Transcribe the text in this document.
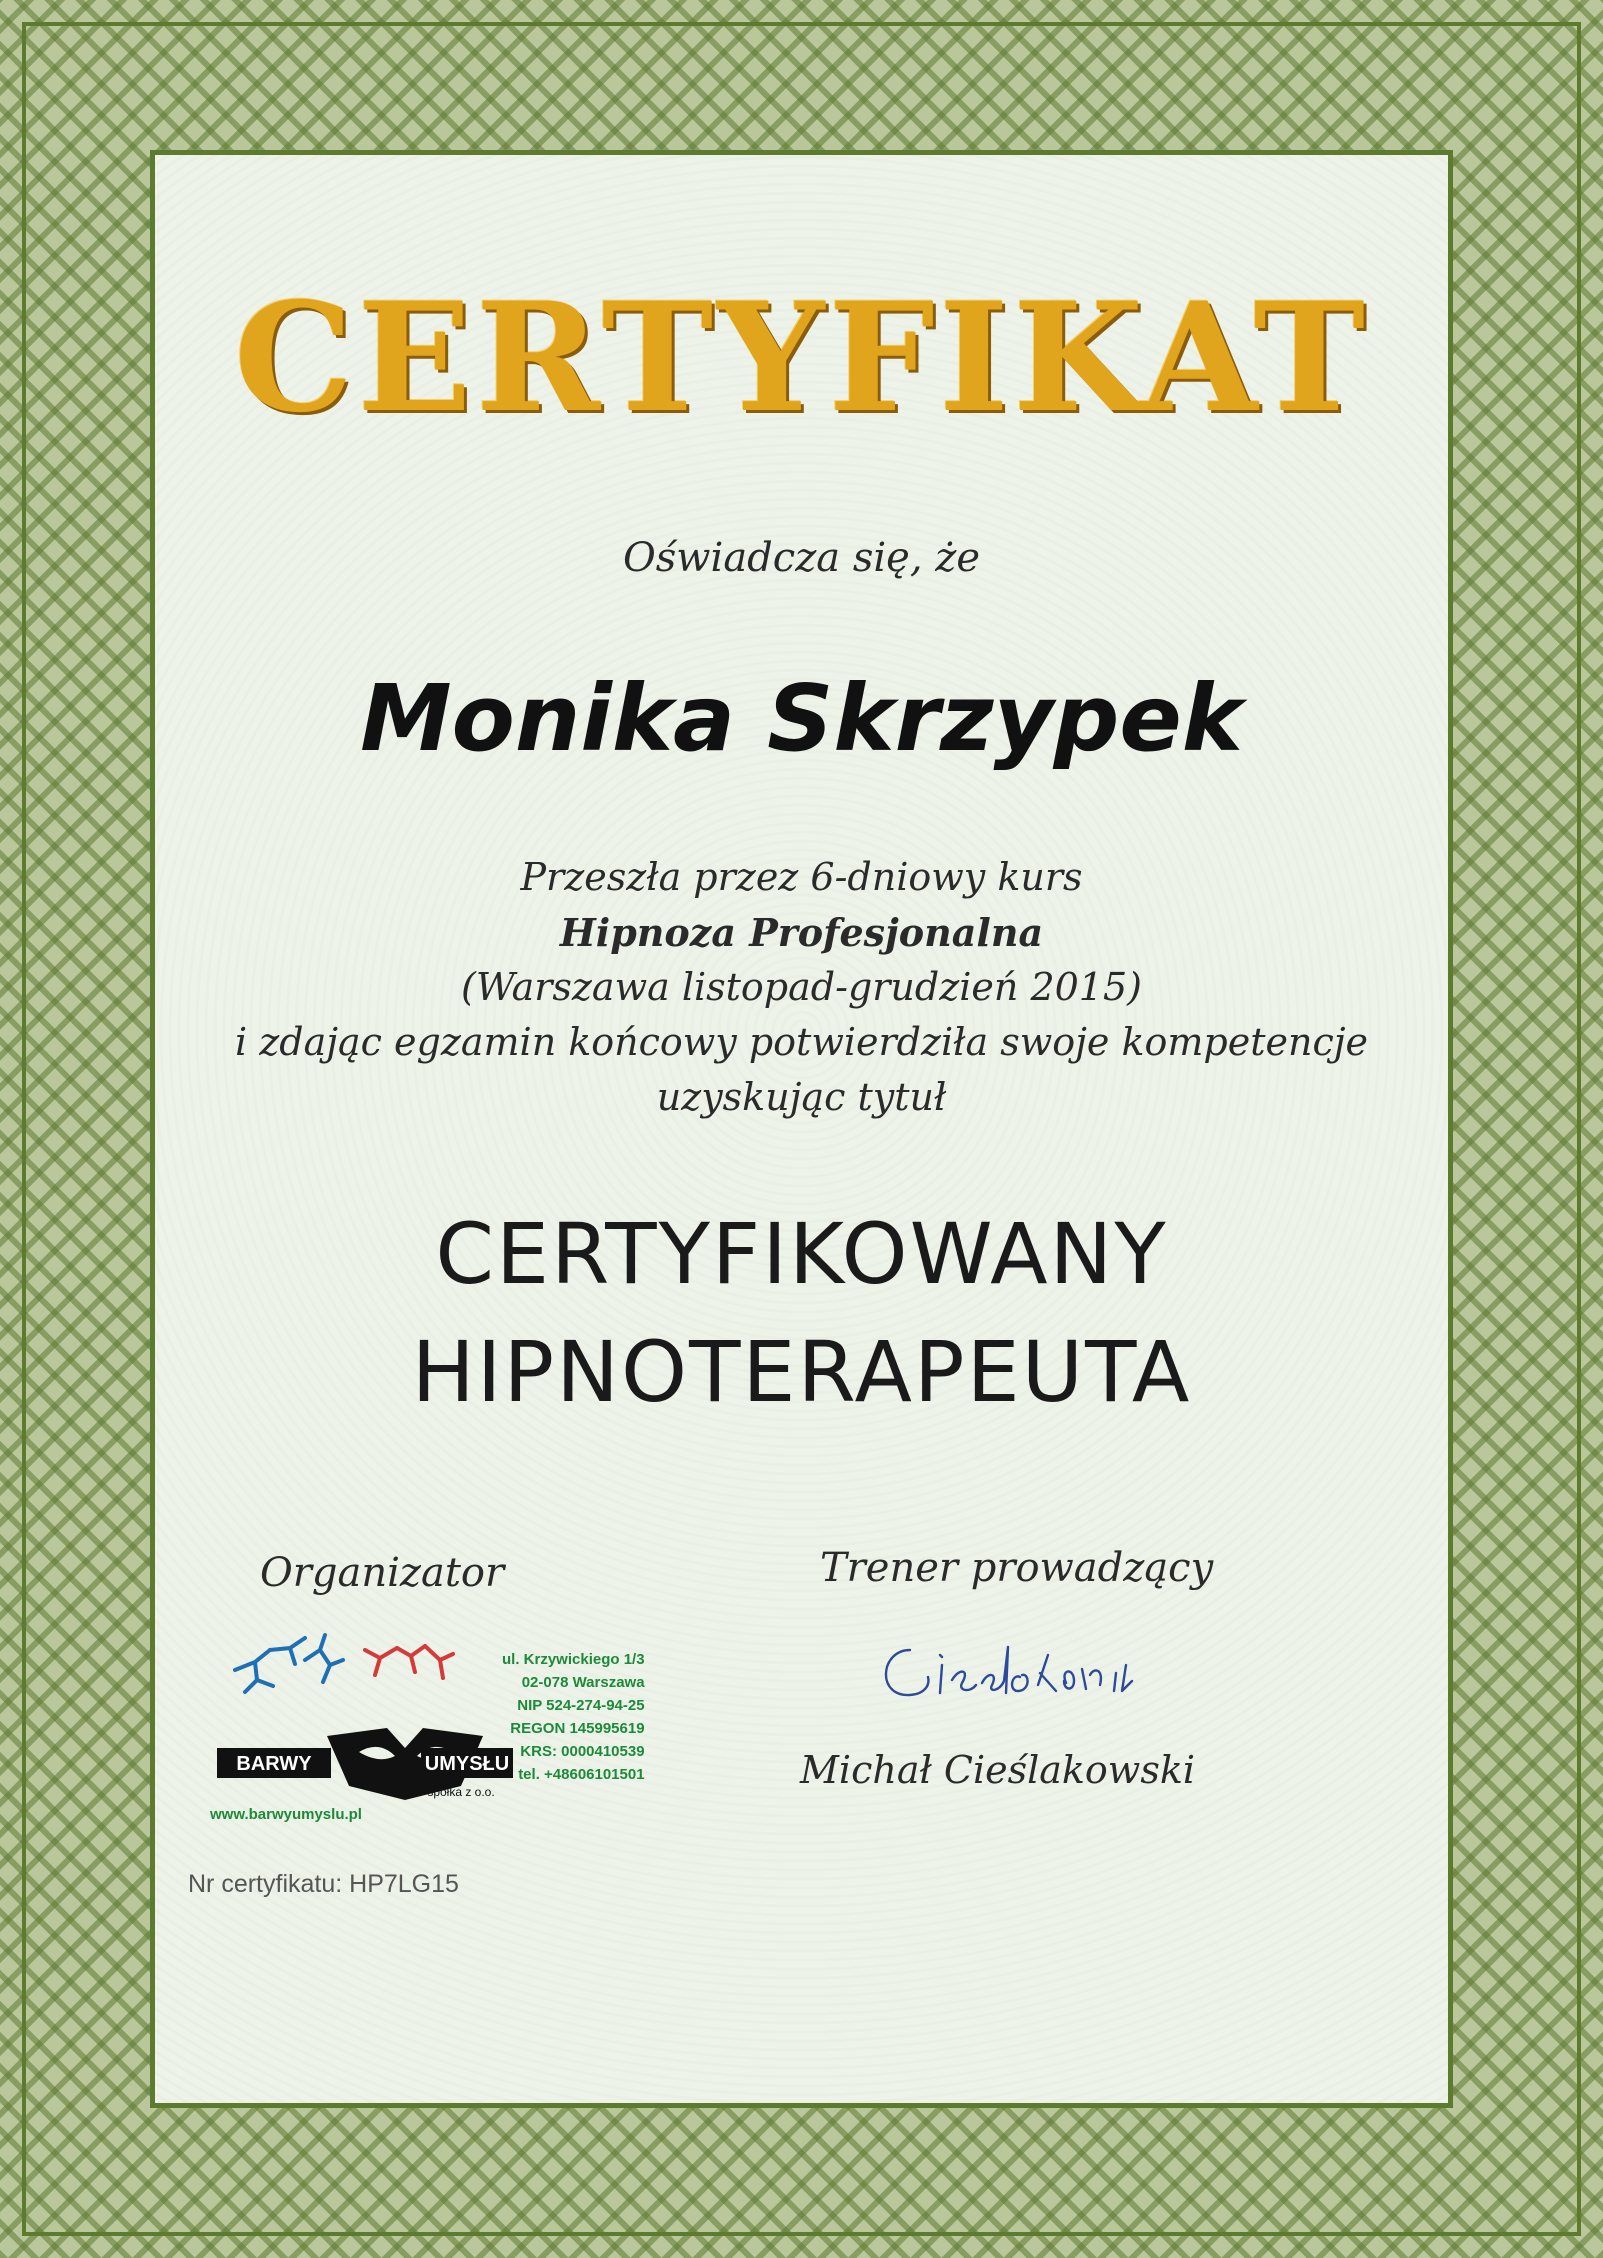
CERTYFIKAT
Oświadcza się, że
Monika Skrzypek
Przeszła przez 6-dniowy kurs
Hipnoza Profesjonalna
(Warszawa listopad-grudzień 2015)
i zdając egzamin końcowy potwierdziła swoje kompetencje
uzyskując tytuł
CERTYFIKOWANY
HIPNOTERAPEUTA
Organizator	Trener prowadzący
BARWY	UMYSŁU
spółka z o.o.
ul. Krzywickiego 1/3
02-078 Warszawa
NIP 524-274-94-25
REGON 145995619
KRS: 0000410539
tel. +48606101501
www.barwyumyslu.pl
Michał Cieślakowski
Nr certyfikatu: HP7LG15
